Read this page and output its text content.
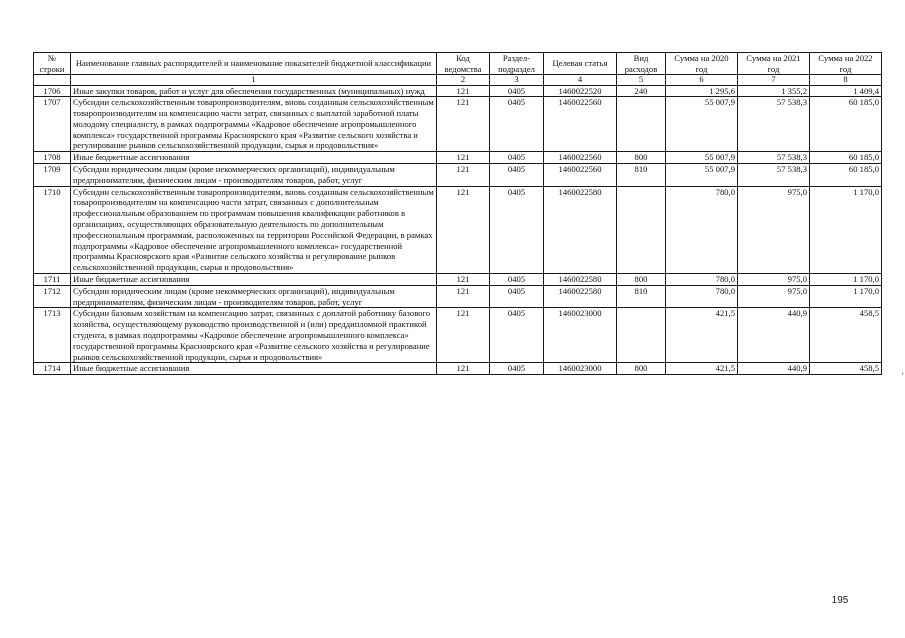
№ строки	Наименование главных распорядителей и наименование показателей бюджетной классификации	Код ведомства	Раздел-подраздел	Целевая статья	Вид расходов	Сумма на 2020 год	Сумма на 2021 год	Сумма на 2022 год
	1	2	3	4	5	6	7	8
1706	Иные закупки товаров, работ и услуг для обеспечения государственных (муниципальных) нужд	121	0405	1460022520	240	1 295,6	1 355,2	1 409,4
1707	Субсидии сельскохозяйственным товаропроизводителям, вновь созданным сельскохозяйственным товаропроизводителям на компенсацию части затрат, связанных с выплатой заработной платы молодому специалисту, в рамках подпрограммы «Кадровое обеспечение агропромышленного комплекса» государственной программы Красноярского края «Развитие сельского хозяйства и регулирование рынков сельскохозяйственной продукции, сырья и продовольствия»	121	0405	1460022560		55 007,9	57 538,3	60 185,0
1708	Иные бюджетные ассигнования	121	0405	1460022560	800	55 007,9	57 538,3	60 185,0
1709	Субсидии юридическим лицам (кроме некоммерческих организаций), индивидуальным предпринимателям, физическим лицам - производителям товаров, работ, услуг	121	0405	1460022560	810	55 007,9	57 538,3	60 185,0
1710	Субсидии сельскохозяйственным товаропроизводителям, вновь созданным сельскохозяйственным товаропроизводителям на компенсацию части затрат, связанных с дополнительным профессиональным образованием по программам повышения квалификации работников в организациях, осуществляющих образовательную деятельность по дополнительным профессиональным программам, расположенных на территории Российской Федерации, в рамках подпрограммы «Кадровое обеспечение агропромышленного комплекса» государственной программы Красноярского края «Развитие сельского хозяйства и регулирование рынков сельскохозяйственной продукции, сырья и продовольствия»	121	0405	1460022580		780,0	975,0	1 170,0
1711	Иные бюджетные ассигнования	121	0405	1460022580	800	780,0	975,0	1 170,0
1712	Субсидии юридическим лицам (кроме некоммерческих организаций), индивидуальным предпринимателям, физическим лицам - производителям товаров, работ, услуг	121	0405	1460022580	810	780,0	975,0	1 170,0
1713	Субсидии базовым хозяйствам на компенсацию затрат, связанных с доплатой работнику базового хозяйства, осуществляющему руководство производственной и (или) преддипломной практикой студента, в рамках подпрограммы «Кадровое обеспечение агропромышленного комплекса» государственной программы Красноярского края «Развитие сельского хозяйства и регулирование рынков сельскохозяйственной продукции, сырья и продовольствия»	121	0405	1460023000		421,5	440,9	458,5
1714	Иные бюджетные ассигнования	121	0405	1460023000	800	421,5	440,9	458,5
195
